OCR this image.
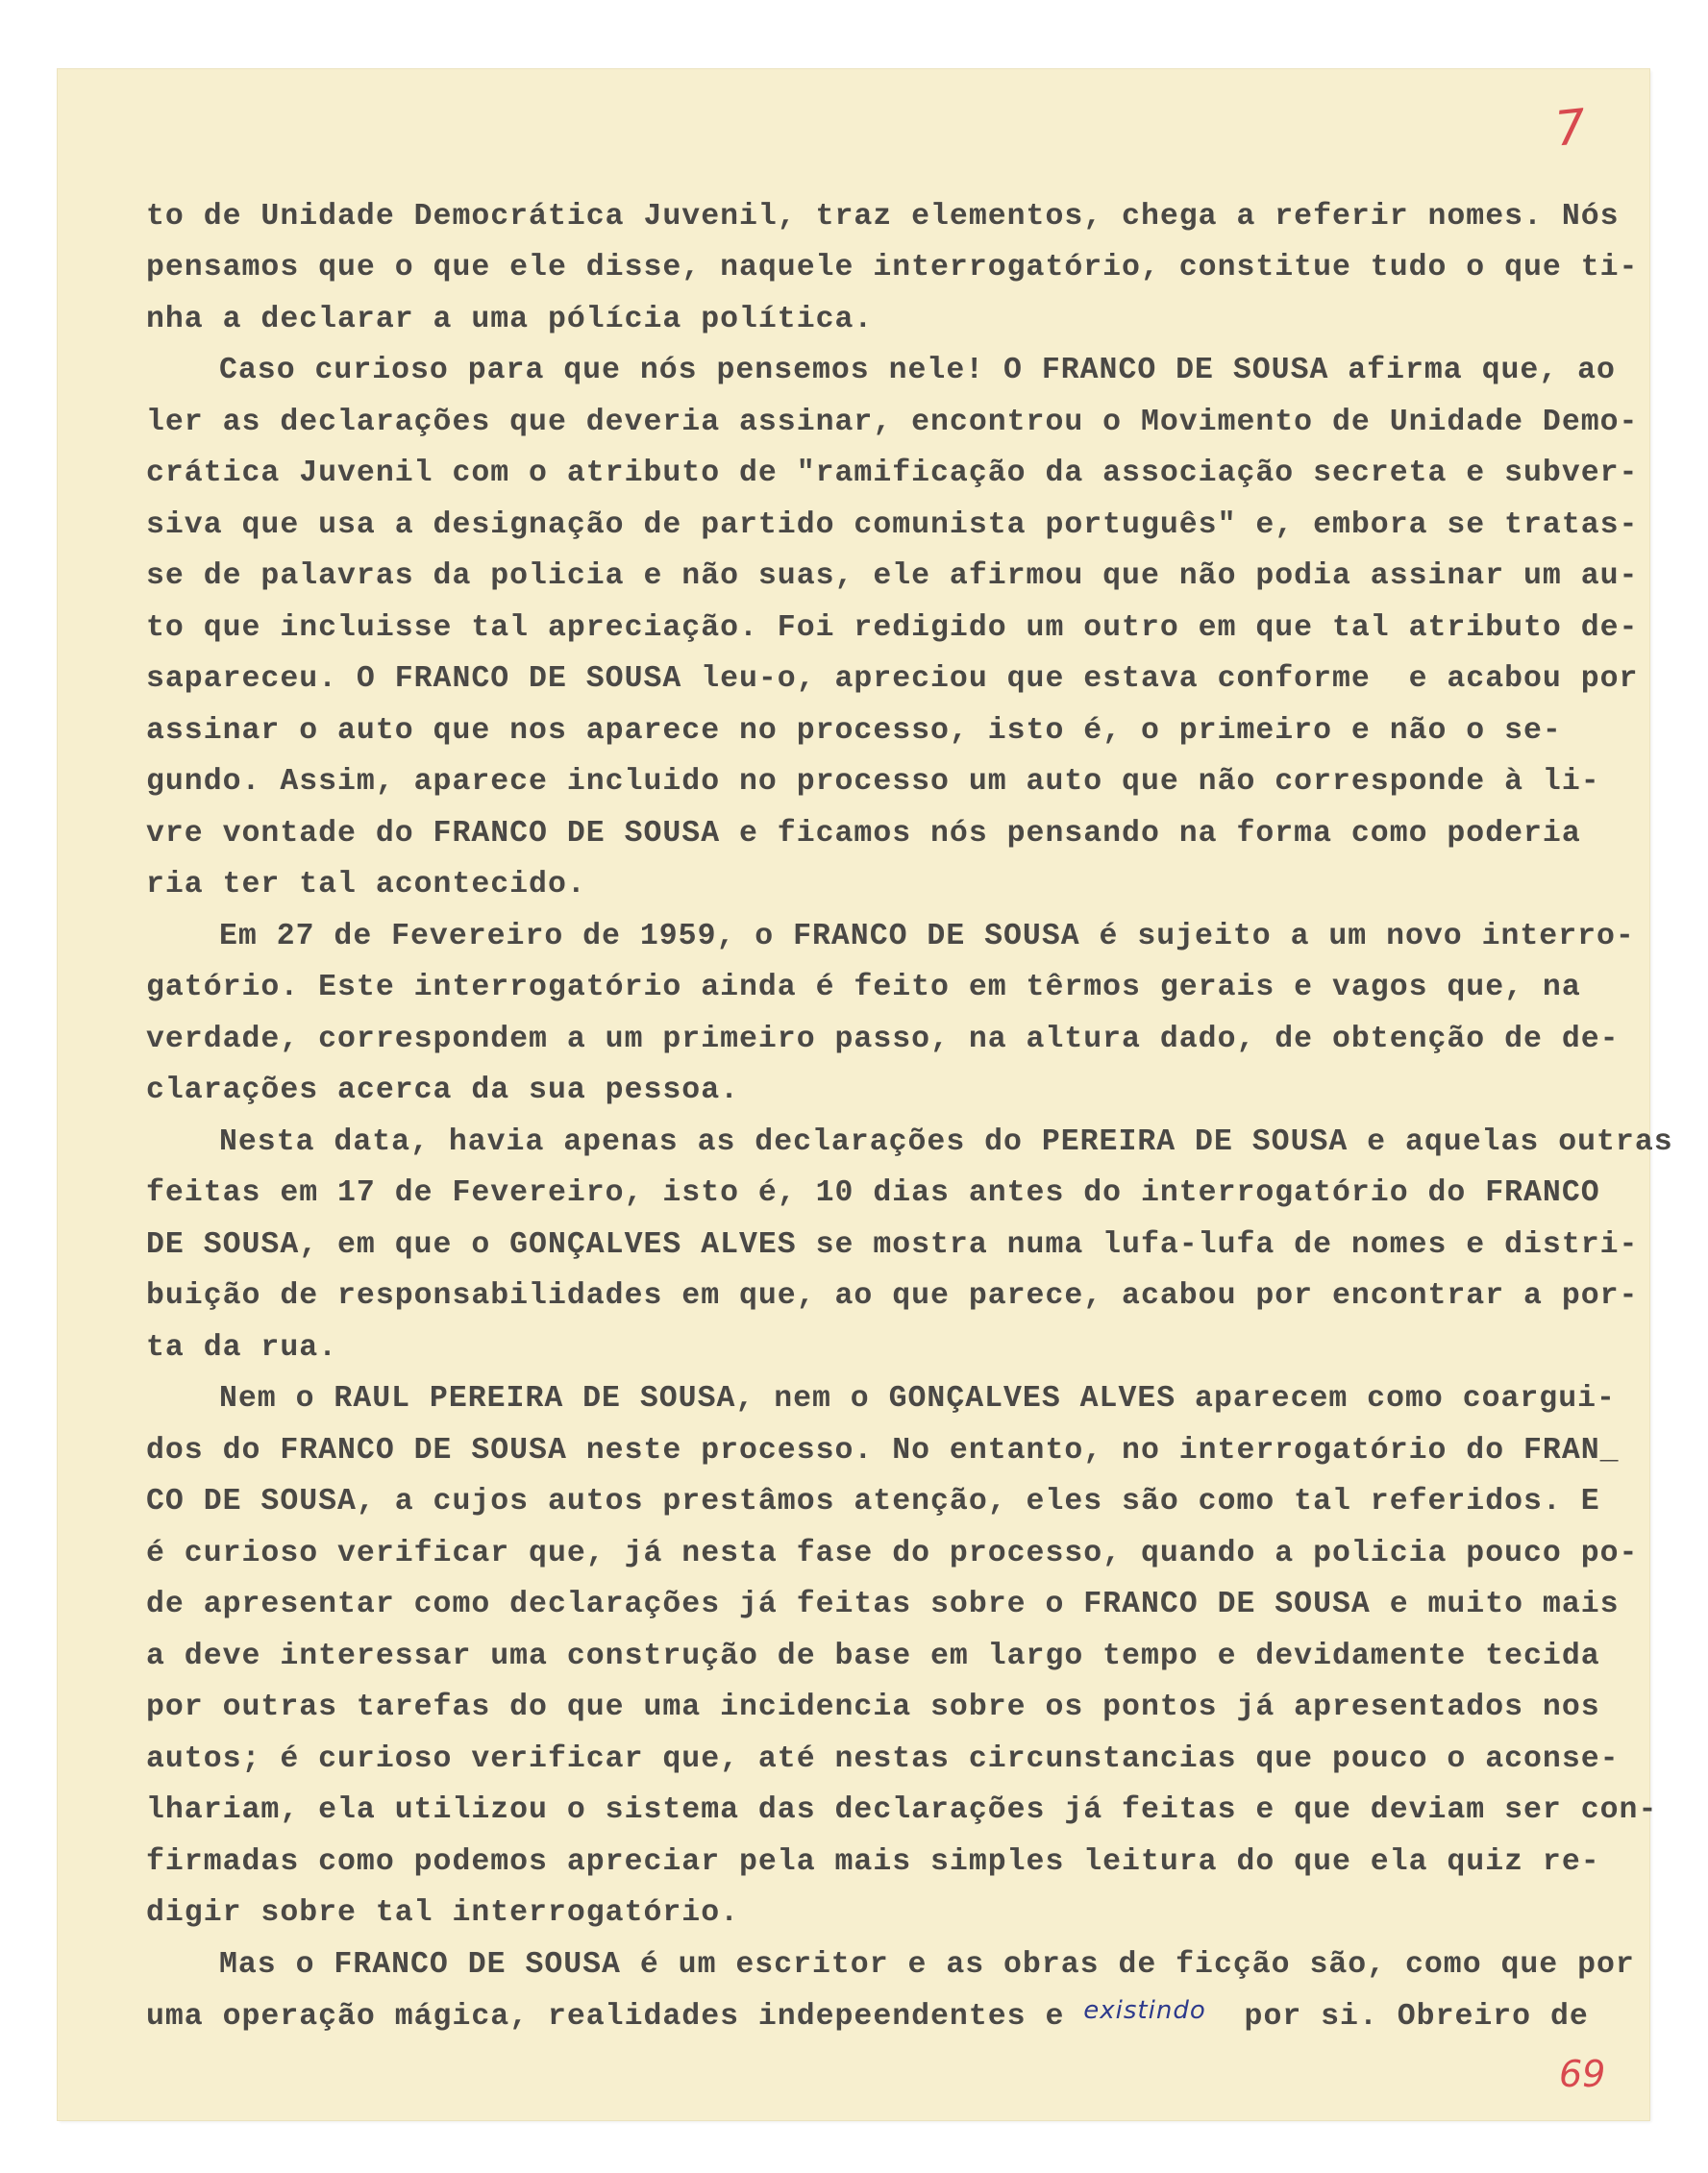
7
to de Unidade Democrática Juvenil, traz elementos, chega a referir nomes. Nós
pensamos que o que ele disse, naquele interrogatório, constitue tudo o que ti-
nha a declarar a uma pólícia política.
Caso curioso para que nós pensemos nele! O FRANCO DE SOUSA afirma que, ao
ler as declarações que deveria assinar, encontrou o Movimento de Unidade Demo-
crática Juvenil com o atributo de "ramificação da associação secreta e subver-
siva que usa a designação de partido comunista português" e, embora se tratas-
se de palavras da policia e não suas, ele afirmou que não podia assinar um au-
to que incluisse tal apreciação. Foi redigido um outro em que tal atributo de-
sapareceu. O FRANCO DE SOUSA leu-o, apreciou que estava conforme  e acabou por
assinar o auto que nos aparece no processo, isto é, o primeiro e não o se-
gundo. Assim, aparece incluido no processo um auto que não corresponde à li-
vre vontade do FRANCO DE SOUSA e ficamos nós pensando na forma como poderia
ria ter tal acontecido.
Em 27 de Fevereiro de 1959, o FRANCO DE SOUSA é sujeito a um novo interro-
gatório. Este interrogatório ainda é feito em têrmos gerais e vagos que, na
verdade, correspondem a um primeiro passo, na altura dado, de obtenção de de-
clarações acerca da sua pessoa.
Nesta data, havia apenas as declarações do PEREIRA DE SOUSA e aquelas outras
feitas em 17 de Fevereiro, isto é, 10 dias antes do interrogatório do FRANCO
DE SOUSA, em que o GONÇALVES ALVES se mostra numa lufa-lufa de nomes e distri-
buição de responsabilidades em que, ao que parece, acabou por encontrar a por-
ta da rua.
Nem o RAUL PEREIRA DE SOUSA, nem o GONÇALVES ALVES aparecem como coargui-
dos do FRANCO DE SOUSA neste processo. No entanto, no interrogatório do FRAN_
CO DE SOUSA, a cujos autos prestâmos atenção, eles são como tal referidos. E
é curioso verificar que, já nesta fase do processo, quando a policia pouco po-
de apresentar como declarações já feitas sobre o FRANCO DE SOUSA e muito mais
a deve interessar uma construção de base em largo tempo e devidamente tecida
por outras tarefas do que uma incidencia sobre os pontos já apresentados nos
autos; é curioso verificar que, até nestas circunstancias que pouco o aconse-
lhariam, ela utilizou o sistema das declarações já feitas e que deviam ser con-
firmadas como podemos apreciar pela mais simples leitura do que ela quiz re-
digir sobre tal interrogatório.
Mas o FRANCO DE SOUSA é um escritor e as obras de ficção são, como que por
uma operação mágica, realidades indepeendentes e existindo  por si. Obreiro de
69
